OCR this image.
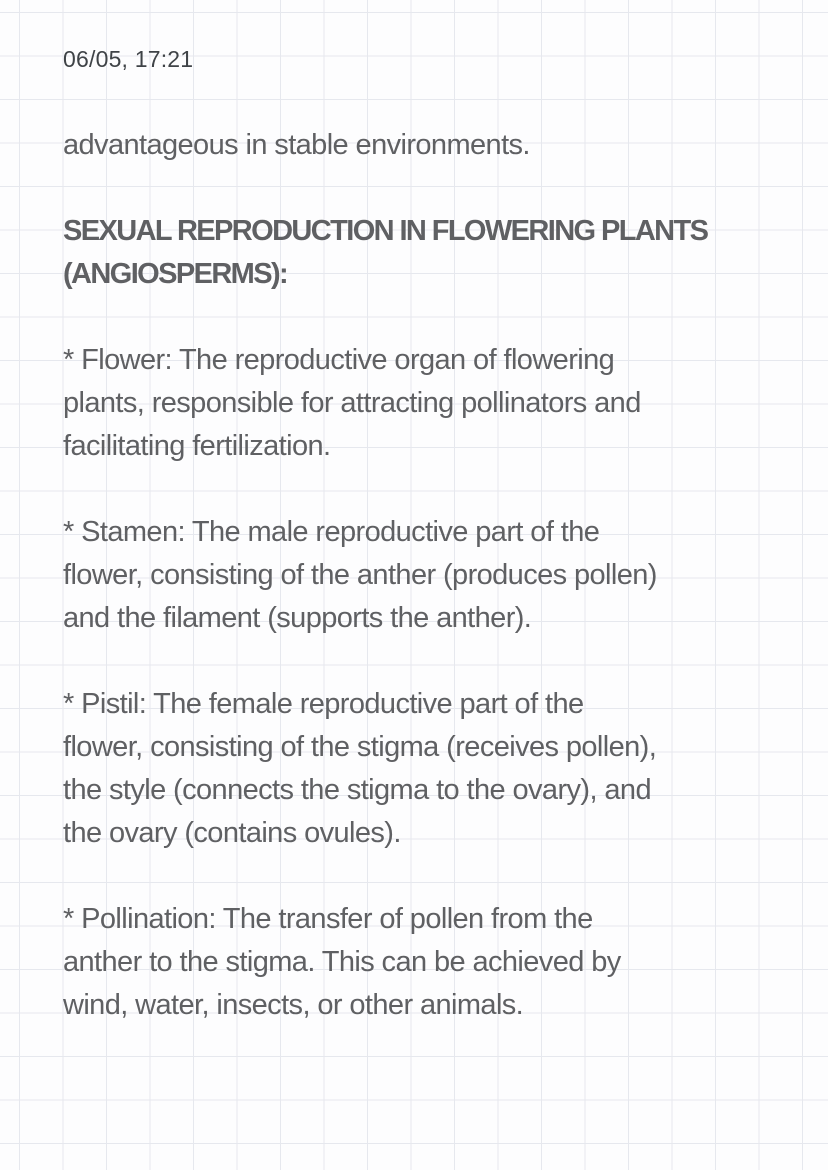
06/05, 17:21

advantageous in stable environments.

SEXUAL REPRODUCTION IN FLOWERING PLANTS
(ANGIOSPERMS):

* Flower: The reproductive organ of flowering
plants, responsible for attracting pollinators and
facilitating fertilization.

* Stamen: The male reproductive part of the
flower, consisting of the anther (produces pollen)
and the filament (supports the anther).

* Pistil: The female reproductive part of the
flower, consisting of the stigma (receives pollen),
the style (connects the stigma to the ovary), and
the ovary (contains ovules).

* Pollination: The transfer of pollen from the
anther to the stigma. This can be achieved by
wind, water, insects, or other animals.
